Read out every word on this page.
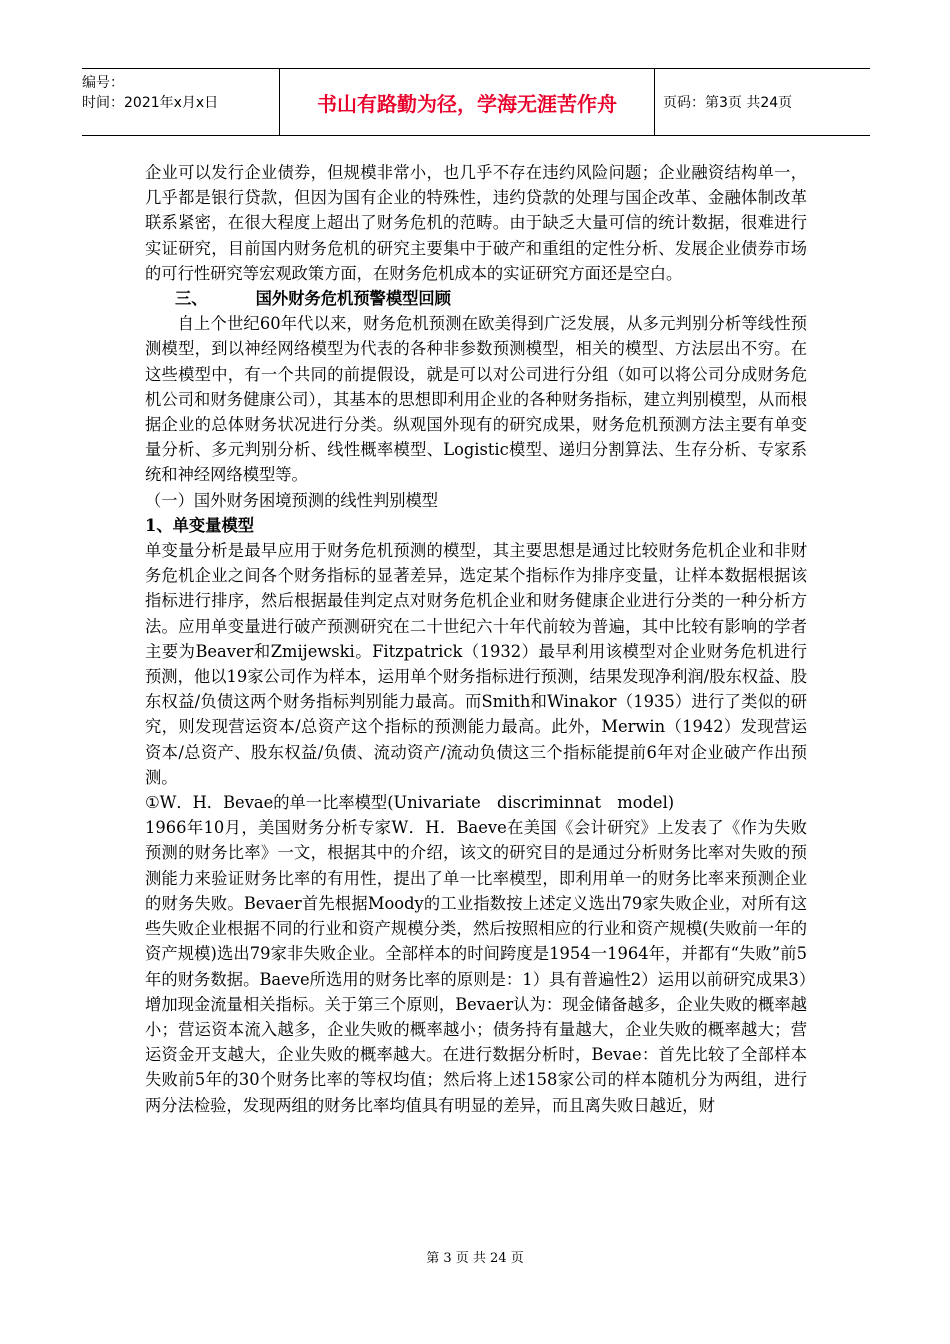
编号：
时间：2021年x月x日	书山有路勤为径，学海无涯苦作舟	页码：第3页 共24页

企业可以发行企业债券，但规模非常小，也几乎不存在违约风险问题；企业融资结构单一，几乎都是银行贷款，但因为国有企业的特殊性，违约贷款的处理与国企改革、金融体制改革联系紧密，在很大程度上超出了财务危机的范畴。由于缺乏大量可信的统计数据，很难进行实证研究，目前国内财务危机的研究主要集中于破产和重组的定性分析、发展企业债券市场的可行性研究等宏观政策方面，在财务危机成本的实证研究方面还是空白。

三、	国外财务危机预警模型回顾

自上个世纪60年代以来，财务危机预测在欧美得到广泛发展，从多元判别分析等线性预测模型，到以神经网络模型为代表的各种非参数预测模型，相关的模型、方法层出不穷。在这些模型中，有一个共同的前提假设，就是可以对公司进行分组（如可以将公司分成财务危机公司和财务健康公司），其基本的思想即利用企业的各种财务指标，建立判别模型，从而根据企业的总体财务状况进行分类。纵观国外现有的研究成果，财务危机预测方法主要有单变量分析、多元判别分析、线性概率模型、Logistic模型、递归分割算法、生存分析、专家系统和神经网络模型等。

（一）国外财务困境预测的线性判别模型

1、单变量模型

单变量分析是最早应用于财务危机预测的模型，其主要思想是通过比较财务危机企业和非财务危机企业之间各个财务指标的显著差异，选定某个指标作为排序变量，让样本数据根据该指标进行排序，然后根据最佳判定点对财务危机企业和财务健康企业进行分类的一种分析方法。应用单变量进行破产预测研究在二十世纪六十年代前较为普遍，其中比较有影响的学者主要为Beaver和Zmijewski。Fitzpatrick（1932）最早利用该模型对企业财务危机进行预测，他以19家公司作为样本，运用单个财务指标进行预测，结果发现净利润/股东权益、股东权益/负债这两个财务指标判别能力最高。而Smith和Winakor（1935）进行了类似的研究，则发现营运资本/总资产这个指标的预测能力最高。此外，Merwin（1942）发现营运资本/总资产、股东权益/负债、流动资产/流动负债这三个指标能提前6年对企业破产作出预测。

①W．H．Bevae的单一比率模型(Univariate　discriminnat　model)

1966年10月，美国财务分析专家W．H．Baeve在美国《会计研究》上发表了《作为失败预测的财务比率》一文，根据其中的介绍，该文的研究目的是通过分析财务比率对失败的预测能力来验证财务比率的有用性，提出了单一比率模型，即利用单一的财务比率来预测企业的财务失败。Bevaer首先根据Moody的工业指数按上述定义选出79家失败企业，对所有这些失败企业根据不同的行业和资产规模分类，然后按照相应的行业和资产规模(失败前一年的资产规模)选出79家非失败企业。全部样本的时间跨度是1954一1964年，并都有“失败”前5年的财务数据。Baeve所选用的财务比率的原则是：1）具有普遍性2）运用以前研究成果3）增加现金流量相关指标。关于第三个原则，Bevaer认为：现金储备越多，企业失败的概率越小；营运资本流入越多，企业失败的概率越小；债务持有量越大，企业失败的概率越大；营运资金开支越大，企业失败的概率越大。在进行数据分析时，Bevae：首先比较了全部样本失败前5年的30个财务比率的等权均值；然后将上述158家公司的样本随机分为两组，进行两分法检验，发现两组的财务比率均值具有明显的差异，而且离失败日越近，财

第 3 页 共 24 页
